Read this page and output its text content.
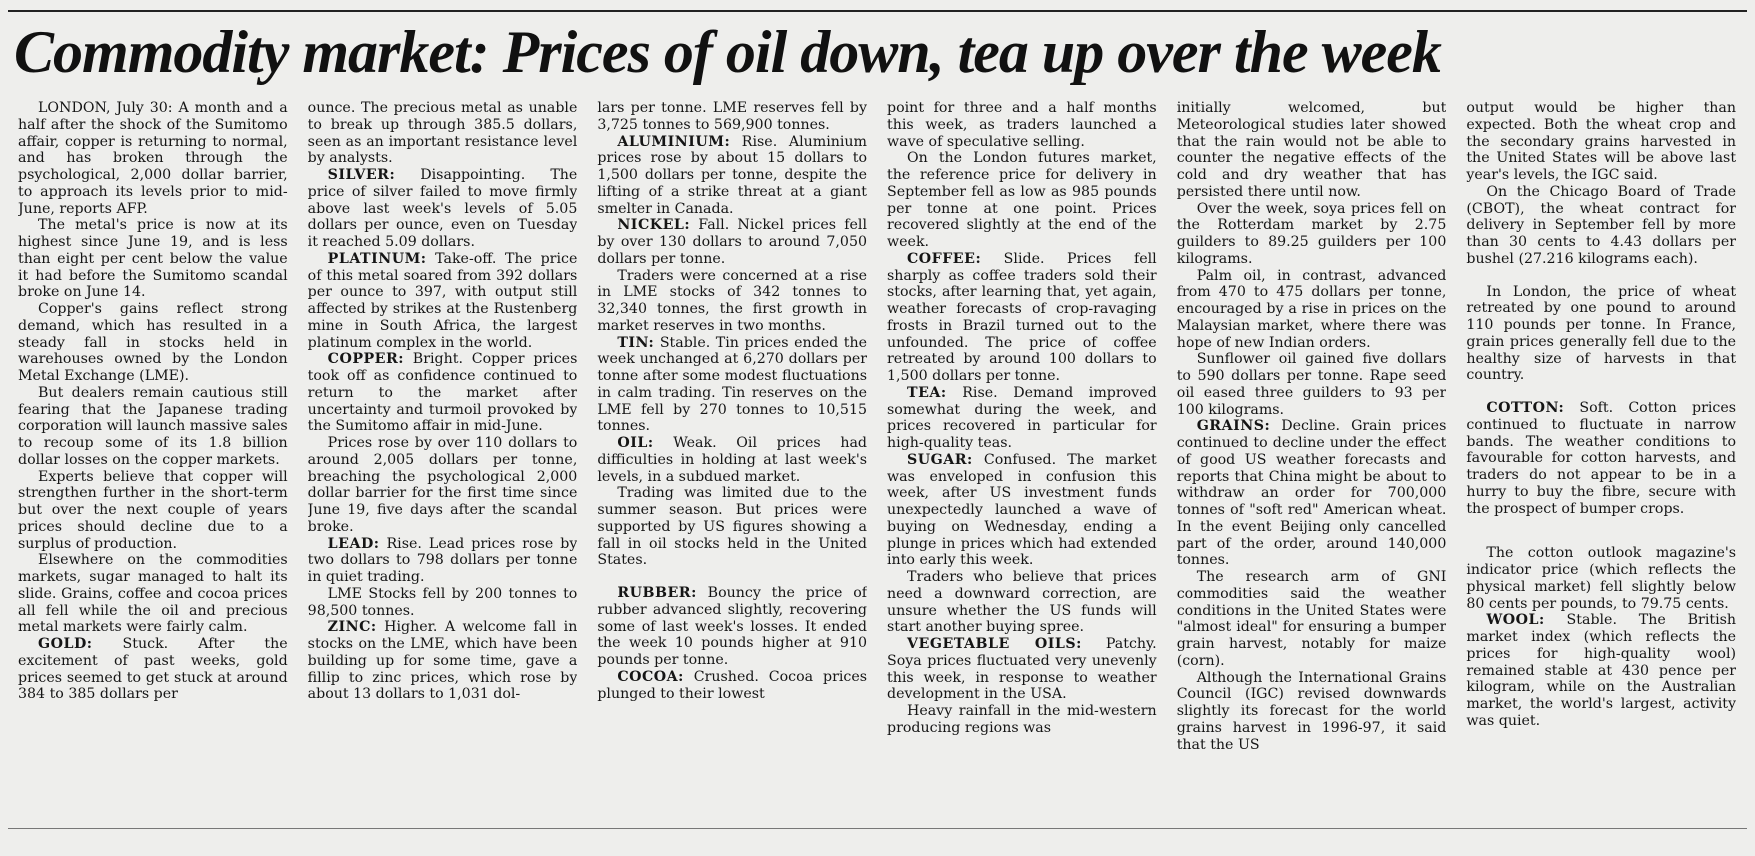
Commodity market: Prices of oil down, tea up over the week

LONDON, July 30: A month and a half after the shock of the Sumitomo affair, copper is returning to normal, and has broken through the psychological, 2,000 dollar barrier, to approach its levels prior to mid-June, reports AFP.

The metal's price is now at its highest since June 19, and is less than eight per cent below the value it had before the Sumitomo scandal broke on June 14.

Copper's gains reflect strong demand, which has resulted in a steady fall in stocks held in warehouses owned by the London Metal Exchange (LME).

But dealers remain cautious still fearing that the Japanese trading corporation will launch massive sales to recoup some of its 1.8 billion dollar losses on the copper markets.

Experts believe that copper will strengthen further in the short-term but over the next couple of years prices should decline due to a surplus of production.

Elsewhere on the commodities markets, sugar managed to halt its slide. Grains, coffee and cocoa prices all fell while the oil and precious metal markets were fairly calm.

GOLD: Stuck. After the excitement of past weeks, gold prices seemed to get stuck at around 384 to 385 dollars per

ounce. The precious metal as unable to break up through 385.5 dollars, seen as an important resistance level by analysts.

SILVER: Disappointing. The price of silver failed to move firmly above last week's levels of 5.05 dollars per ounce, even on Tuesday it reached 5.09 dollars.

PLATINUM: Take-off. The price of this metal soared from 392 dollars per ounce to 397, with output still affected by strikes at the Rustenberg mine in South Africa, the largest platinum complex in the world.

COPPER: Bright. Copper prices took off as confidence continued to return to the market after uncertainty and turmoil provoked by the Sumitomo affair in mid-June.

Prices rose by over 110 dollars to around 2,005 dollars per tonne, breaching the psychological 2,000 dollar barrier for the first time since June 19, five days after the scandal broke.

LEAD: Rise. Lead prices rose by two dollars to 798 dollars per tonne in quiet trading.

LME Stocks fell by 200 tonnes to 98,500 tonnes.

ZINC: Higher. A welcome fall in stocks on the LME, which have been building up for some time, gave a fillip to zinc prices, which rose by about 13 dollars to 1,031 dol-

lars per tonne. LME reserves fell by 3,725 tonnes to 569,900 tonnes.

ALUMINIUM: Rise. Aluminium prices rose by about 15 dollars to 1,500 dollars per tonne, despite the lifting of a strike threat at a giant smelter in Canada.

NICKEL: Fall. Nickel prices fell by over 130 dollars to around 7,050 dollars per tonne.

Traders were concerned at a rise in LME stocks of 342 tonnes to 32,340 tonnes, the first growth in market reserves in two months.

TIN: Stable. Tin prices ended the week unchanged at 6,270 dollars per tonne after some modest fluctuations in calm trading. Tin reserves on the LME fell by 270 tonnes to 10,515 tonnes.

OIL: Weak. Oil prices had difficulties in holding at last week's levels, in a subdued market.

Trading was limited due to the summer season. But prices were supported by US figures showing a fall in oil stocks held in the United States.

RUBBER: Bouncy the price of rubber advanced slightly, recovering some of last week's losses. It ended the week 10 pounds higher at 910 pounds per tonne.

COCOA: Crushed. Cocoa prices plunged to their lowest

point for three and a half months this week, as traders launched a wave of speculative selling.

On the London futures market, the reference price for delivery in September fell as low as 985 pounds per tonne at one point. Prices recovered slightly at the end of the week.

COFFEE: Slide. Prices fell sharply as coffee traders sold their stocks, after learning that, yet again, weather forecasts of crop-ravaging frosts in Brazil turned out to the unfounded. The price of coffee retreated by around 100 dollars to 1,500 dollars per tonne.

TEA: Rise. Demand improved somewhat during the week, and prices recovered in particular for high-quality teas.

SUGAR: Confused. The market was enveloped in confusion this week, after US investment funds unexpectedly launched a wave of buying on Wednesday, ending a plunge in prices which had extended into early this week.

Traders who believe that prices need a downward correction, are unsure whether the US funds will start another buying spree.

VEGETABLE OILS: Patchy. Soya prices fluctuated very unevenly this week, in response to weather development in the USA.

Heavy rainfall in the mid-western producing regions was

initially welcomed, but Meteorological studies later showed that the rain would not be able to counter the negative effects of the cold and dry weather that has persisted there until now.

Over the week, soya prices fell on the Rotterdam market by 2.75 guilders to 89.25 guilders per 100 kilograms.

Palm oil, in contrast, advanced from 470 to 475 dollars per tonne, encouraged by a rise in prices on the Malaysian market, where there was hope of new Indian orders.

Sunflower oil gained five dollars to 590 dollars per tonne. Rape seed oil eased three guilders to 93 per 100 kilograms.

GRAINS: Decline. Grain prices continued to decline under the effect of good US weather forecasts and reports that China might be about to withdraw an order for 700,000 tonnes of "soft red" American wheat. In the event Beijing only cancelled part of the order, around 140,000 tonnes.

The research arm of GNI commodities said the weather conditions in the United States were "almost ideal" for ensuring a bumper grain harvest, notably for maize (corn).

Although the International Grains Council (IGC) revised downwards slightly its forecast for the world grains harvest in 1996-97, it said that the US

output would be higher than expected. Both the wheat crop and the secondary grains harvested in the United States will be above last year's levels, the IGC said.

On the Chicago Board of Trade (CBOT), the wheat contract for delivery in September fell by more than 30 cents to 4.43 dollars per bushel (27.216 kilograms each).

In London, the price of wheat retreated by one pound to around 110 pounds per tonne. In France, grain prices generally fell due to the healthy size of harvests in that country.

COTTON: Soft. Cotton prices continued to fluctuate in narrow bands. The weather conditions to favourable for cotton harvests, and traders do not appear to be in a hurry to buy the fibre, secure with the prospect of bumper crops.

The cotton outlook magazine's indicator price (which reflects the physical market) fell slightly below 80 cents per pounds, to 79.75 cents.

WOOL: Stable. The British market index (which reflects the prices for high-quality wool) remained stable at 430 pence per kilogram, while on the Australian market, the world's largest, activity was quiet.
